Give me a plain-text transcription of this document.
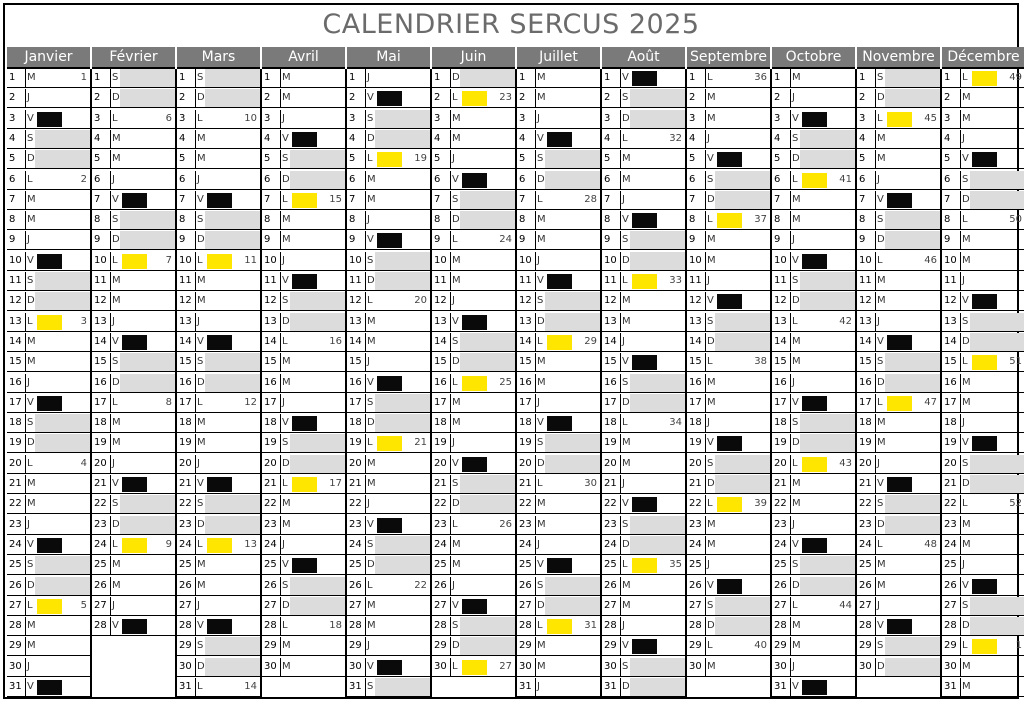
CALENDRIER SERCUS 2025
Janvier
1	M	1
2	J
3	V
4	S
5	D
6	L	2
7	M
8	M
9	J
10 V
11 S
12 D
13 L	3
14 M
15 M
16 J
17 V
18 S
19 D
20 L	4
21 M
22 M
23 J
24 V
25 S
26 D
27 L	5
28 M
29 M
30 J
31 V
Février
1	S
2	D
3	L	6
4	M
5	M
6	J
7	V
8	S
9	D
10 L	7
11 M
12 M
13 J
14 V
15 S
16 D
17 L	8
18 M
19 M
20 J
21 V
22 S
23 D
24 L	9
25 M
26 M
27 J
28 V
Mars
1	S
2	D
3	L	10
4	M
5	M
6	J
7	V
8	S
9	D
10 L	11
11 M
12 M
13 J
14 V
15 S
16 D
17 L	12
18 M
19 M
20 J
21 V
22 S
23 D
24 L	13
25 M
26 M
27 J
28 V
29 S
30 D
31 L	14
Avril
1	M
2	M
3	J
4	V
5	S
6	D
7	L	15
8	M
9	M
10 J
11 V
12 S
13 D
14 L	16
15 M
16 M
17 J
18 V
19 S
20 D
21 L	17
22 M
23 M
24 J
25 V
26 S
27 D
28 L	18
29 M
30 M
Mai
1	J
2	V
3	S
4	D
5	L	19
6	M
7	M
8	J
9	V
10 S
11 D
12 L	20
13 M
14 M
15 J
16 V
17 S
18 D
19 L	21
20 M
21 M
22 J
23 V
24 S
25 D
26 L	22
27 M
28 M
29 J
30 V
31 S
Juin
1	D
2	L	23
3	M
4	M
5	J
6	V
7	S
8	D
9	L	24
10 M
11 M
12 J
13 V
14 S
15 D
16 L	25
17 M
18 M
19 J
20 V
21 S
22 D
23 L	26
24 M
25 M
26 J
27 V
28 S
29 D
30 L	27
Juillet
1	M
2	M
3	J
4	V
5	S
6	D
7	L	28
8	M
9	M
10 J
11 V
12 S
13 D
14 L	29
15 M
16 M
17 J
18 V
19 S
20 D
21 L	30
22 M
23 M
24 J
25 V
26 S
27 D
28 L	31
29 M
30 M
31 J
Août
1	V
2	S
3	D
4	L	32
5	M
6	M
7	J
8	V
9	S
10 D
11 L	33
12 M
13 M
14 J
15 V
16 S
17 D
18 L	34
19 M
20 M
21 J
22 V
23 S
24 D
25 L	35
26 M
27 M
28 J
29 V
30 S
31 D
Septembre
1	L	36
2	M
3	M
4	J
5	V
6	S
7	D
8	L	37
9	M
10 M
11 J
12 V
13 S
14 D
15 L	38
16 M
17 M
18 J
19 V
20 S
21 D
22 L	39
23 M
24 M
25 J
26 V
27 S
28 D
29 L	40
30 M
Octobre
1	M
2	J
3	V
4	S
5	D
6	L	41
7	M
8	M
9	J
10 V
11 S
12 D
13 L	42
14 M
15 M
16 J
17 V
18 S
19 D
20 L	43
21 M
22 M
23 J
24 V
25 S
26 D
27 L	44
28 M
29 M
30 J
31 V
Novembre
1	S
2	D
3	L	45
4	M
5	M
6	J
7	V
8	S
9	D
10 L	46
11 M
12 M
13 J
14 V
15 S
16 D
17 L	47
18 M
19 M
20 J
21 V
22 S
23 D
24 L	48
25 M
26 M
27 J
28 V
29 S
30 D
Décembre
1	L	49
2	M
3	M
4	J
5	V
6	S
7	D
8	L	50
9	M
10 M
11 J
12 V
13 S
14 D
15 L	51
16 M
17 M
18 J
19 V
20 S
21 D
22 L	52
23 M
24 M
25 J
26 V
27 S
28 D
29 L	1
30 M
31 M
